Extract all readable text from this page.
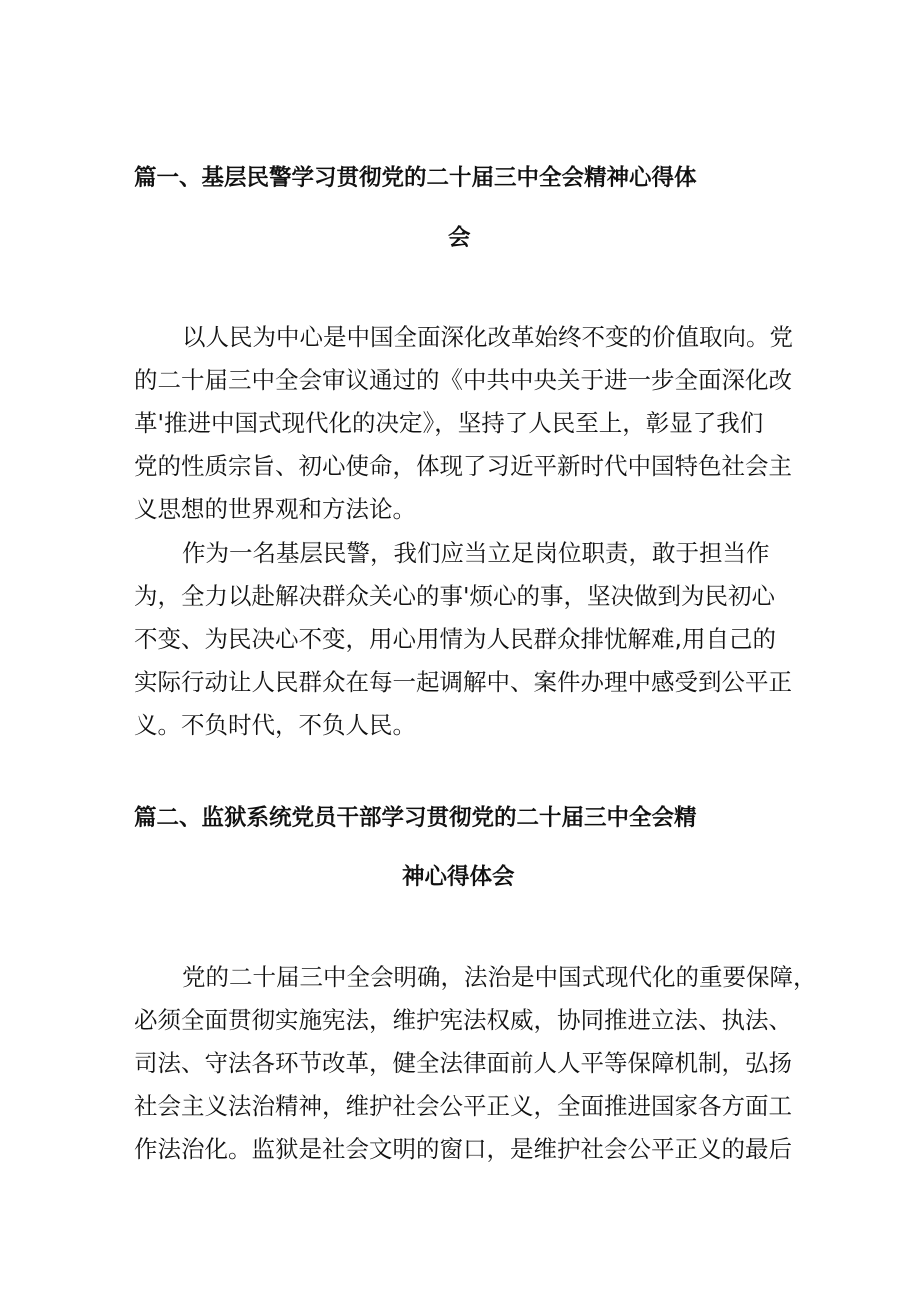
篇一、基层民警学习贯彻党的二十届三中全会精神心得体
会
以人民为中心是中国全面深化改革始终不变的价值取向。党
的二十届三中全会审议通过的《中共中央关于进一步全面深化改
革'推进中国式现代化的决定》，坚持了人民至上，彰显了我们
党的性质宗旨、初心使命，体现了习近平新时代中国特色社会主
义思想的世界观和方法论。
作为一名基层民警，我们应当立足岗位职责，敢于担当作
为，全力以赴解决群众关心的事'烦心的事，坚决做到为民初心
不变、为民决心不变，用心用情为人民群众排忧解难,用自己的
实际行动让人民群众在每一起调解中、案件办理中感受到公平正
义。不负时代，不负人民。
篇二、监狱系统党员干部学习贯彻党的二十届三中全会精
神心得体会
党的二十届三中全会明确，法治是中国式现代化的重要保障，
必须全面贯彻实施宪法，维护宪法权威，协同推进立法、执法、
司法、守法各环节改革，健全法律面前人人平等保障机制，弘扬
社会主义法治精神，维护社会公平正义，全面推进国家各方面工
作法治化。监狱是社会文明的窗口，是维护社会公平正义的最后
